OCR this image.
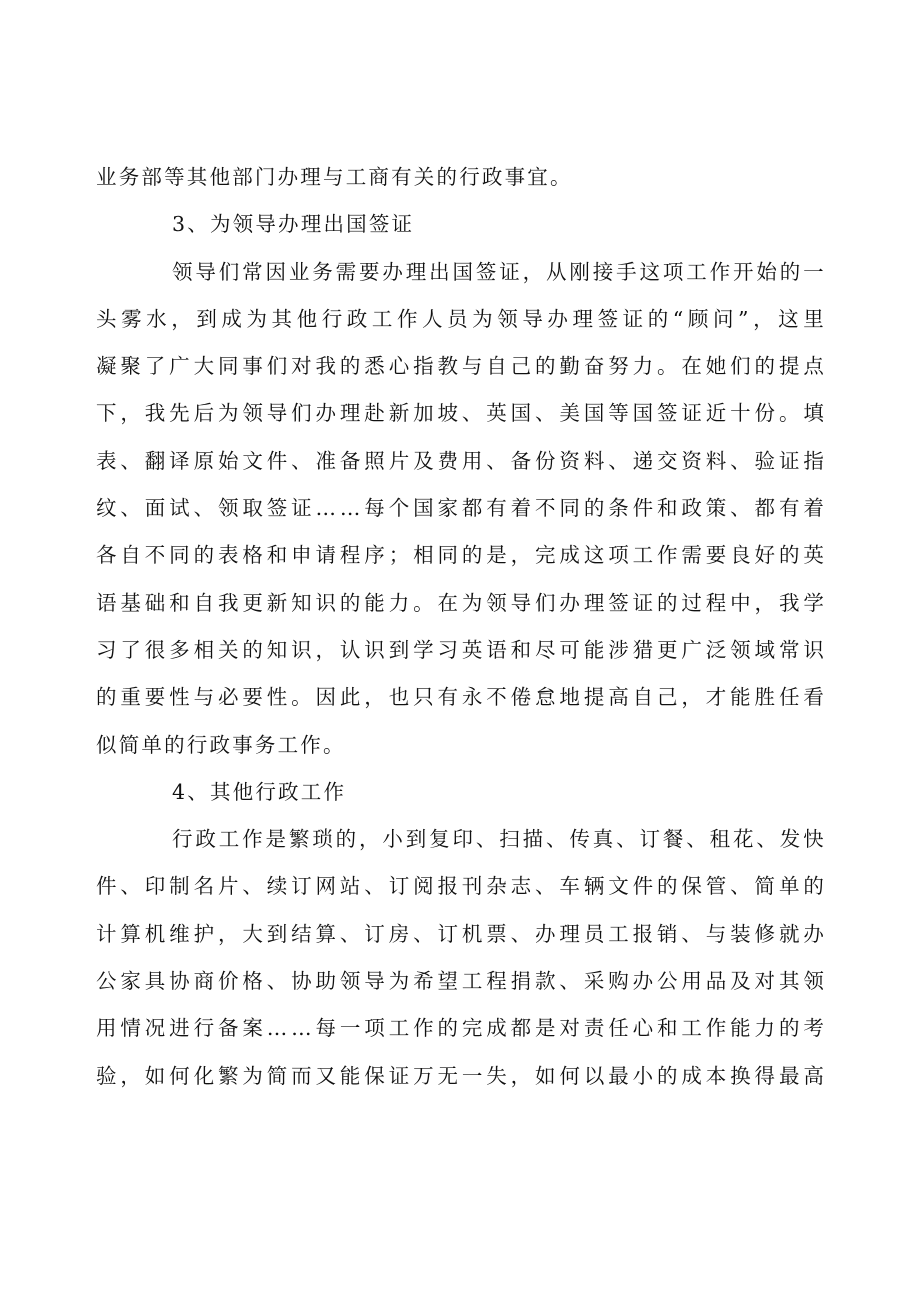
业务部等其他部门办理与工商有关的行政事宜。
3、为领导办理出国签证
领 导 们 常 因 业 务 需 要 办 理 出 国 签 证 ， 从 刚 接 手 这 项 工 作 开 始 的 一
头 雾 水 ， 到 成 为 其 他 行 政 工 作 人 员 为 领 导 办 理 签 证 的 “ 顾 问 ” ， 这 里
凝 聚 了 广 大 同 事 们 对 我 的 悉 心 指 教 与 自 己 的 勤 奋 努 力 。 在 她 们 的 提 点
下 ， 我 先 后 为 领 导 们 办 理 赴 新 加 坡 、 英 国 、 美 国 等 国 签 证 近 十 份 。 填
表 、 翻 译 原 始 文 件 、 准 备 照 片 及 费 用 、 备 份 资 料 、 递 交 资 料 、 验 证 指
纹 、 面 试 、 领 取 签 证 … … 每 个 国 家 都 有 着 不 同 的 条 件 和 政 策 、 都 有 着
各 自 不 同 的 表 格 和 申 请 程 序 ； 相 同 的 是 ， 完 成 这 项 工 作 需 要 良 好 的 英
语 基 础 和 自 我 更 新 知 识 的 能 力 。 在 为 领 导 们 办 理 签 证 的 过 程 中 ， 我 学
习 了 很 多 相 关 的 知 识 ， 认 识 到 学 习 英 语 和 尽 可 能 涉 猎 更 广 泛 领 域 常 识
的 重 要 性 与 必 要 性 。 因 此 ， 也 只 有 永 不 倦 怠 地 提 高 自 己 ， 才 能 胜 任 看
似简单的行政事务工作。
4、其他行政工作
行 政 工 作 是 繁 琐 的 ， 小 到 复 印 、 扫 描 、 传 真 、 订 餐 、 租 花 、 发 快
件 、 印 制 名 片 、 续 订 网 站 、 订 阅 报 刊 杂 志 、 车 辆 文 件 的 保 管 、 简 单 的
计 算 机 维 护 ， 大 到 结 算 、 订 房 、 订 机 票 、 办 理 员 工 报 销 、 与 装 修 就 办
公 家 具 协 商 价 格 、 协 助 领 导 为 希 望 工 程 捐 款 、 采 购 办 公 用 品 及 对 其 领
用 情 况 进 行 备 案 … … 每 一 项 工 作 的 完 成 都 是 对 责 任 心 和 工 作 能 力 的 考
验 ， 如 何 化 繁 为 简 而 又 能 保 证 万 无 一 失 ， 如 何 以 最 小 的 成 本 换 得 最 高
